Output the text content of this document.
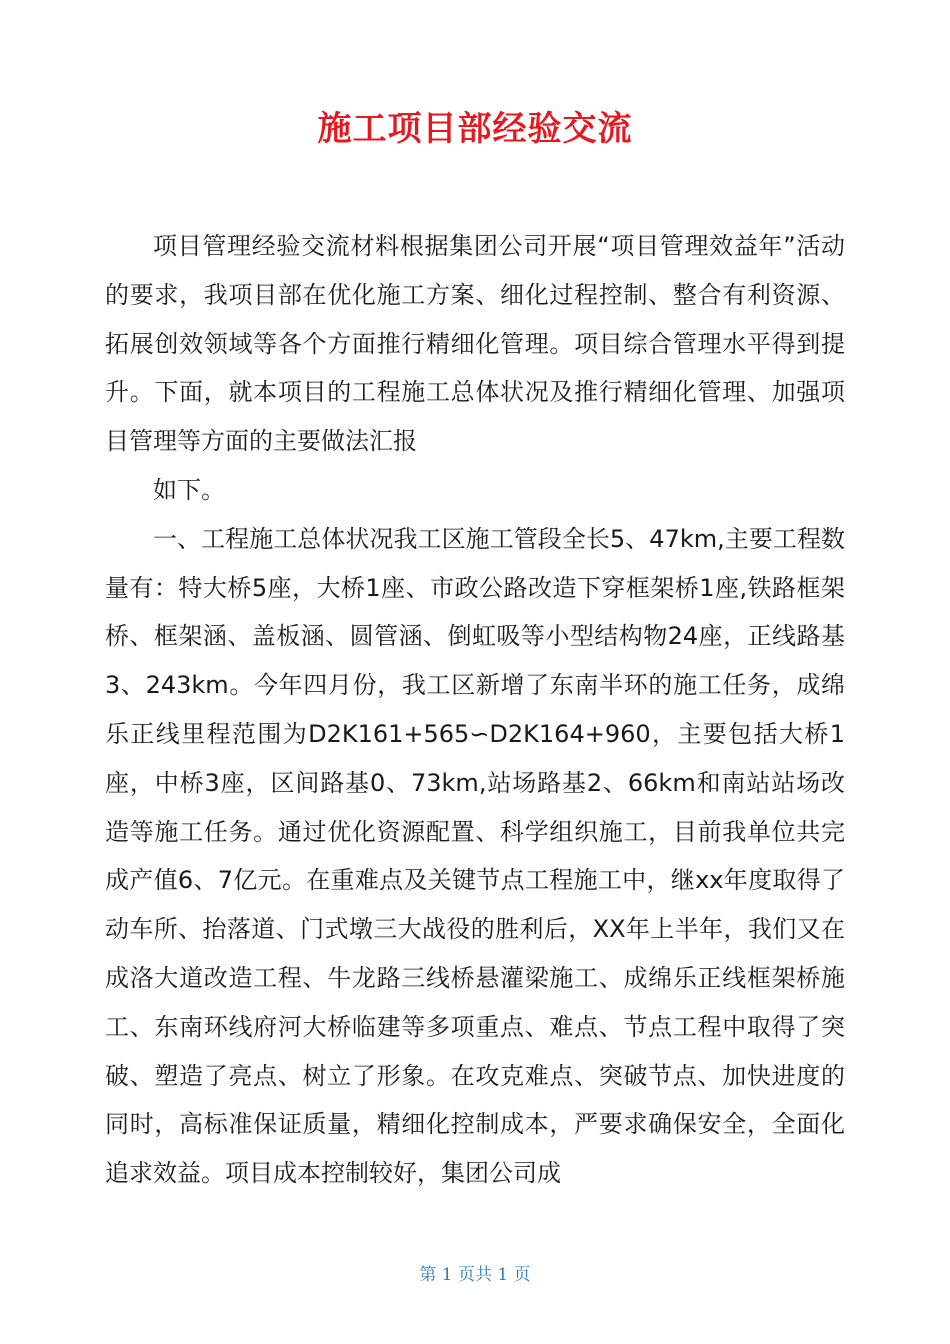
施工项目部经验交流

项目管理经验交流材料根据集团公司开展“项目管理效益年”活动的要求，我项目部在优化施工方案、细化过程控制、整合有利资源、拓展创效领域等各个方面推行精细化管理。项目综合管理水平得到提升。下面，就本项目的工程施工总体状况及推行精细化管理、加强项目管理等方面的主要做法汇报

如下。

一、工程施工总体状况我工区施工管段全长5、47km,主要工程数量有：特大桥5座，大桥1座、市政公路改造下穿框架桥1座,铁路框架桥、框架涵、盖板涵、圆管涵、倒虹吸等小型结构物24座，正线路基3、243km。今年四月份，我工区新增了东南半环的施工任务，成绵乐正线里程范围为D2K161+565∽D2K164+960，主要包括大桥1座，中桥3座，区间路基0、73km,站场路基2、66km和南站站场改造等施工任务。通过优化资源配置、科学组织施工，目前我单位共完成产值6、7亿元。在重难点及关键节点工程施工中，继xx年度取得了动车所、抬落道、门式墩三大战役的胜利后，XX年上半年，我们又在成洛大道改造工程、牛龙路三线桥悬灌梁施工、成绵乐正线框架桥施工、东南环线府河大桥临建等多项重点、难点、节点工程中取得了突破、塑造了亮点、树立了形象。在攻克难点、突破节点、加快进度的同时，高标准保证质量，精细化控制成本，严要求确保安全，全面化追求效益。项目成本控制较好，集团公司成

第 1 页共 1 页
